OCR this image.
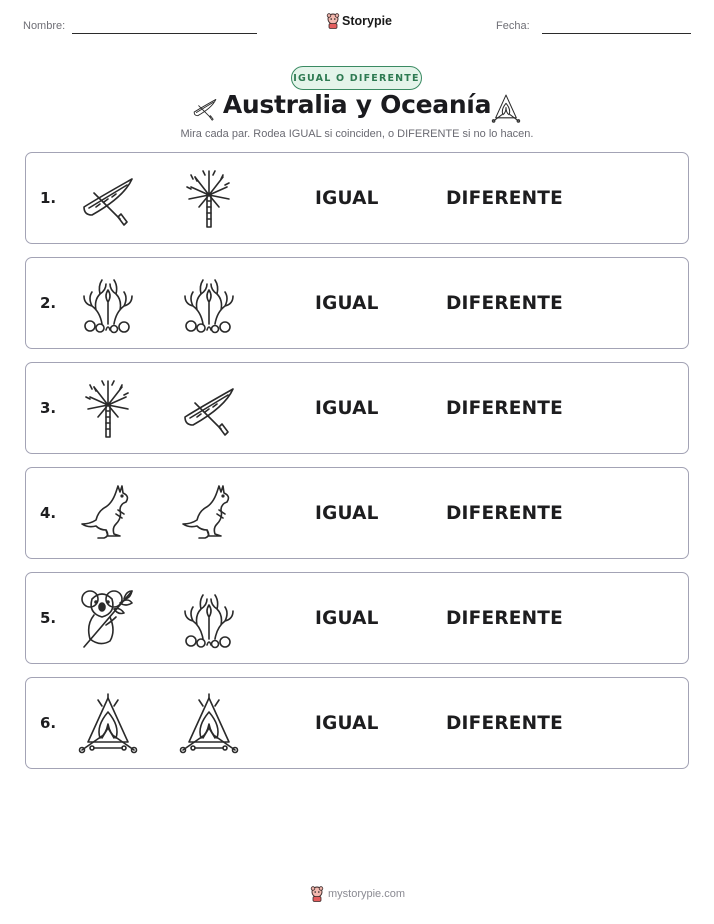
Nombre:	Storypie	Fecha:
IGUAL O DIFERENTE
Australia y Oceanía
Mira cada par. Rodea IGUAL si coinciden, o DIFERENTE si no lo hacen.
1.	IGUAL	DIFERENTE
2.	IGUAL	DIFERENTE
3.	IGUAL	DIFERENTE
4.	IGUAL	DIFERENTE
5.	IGUAL	DIFERENTE
6.	IGUAL	DIFERENTE
mystorypie.com
